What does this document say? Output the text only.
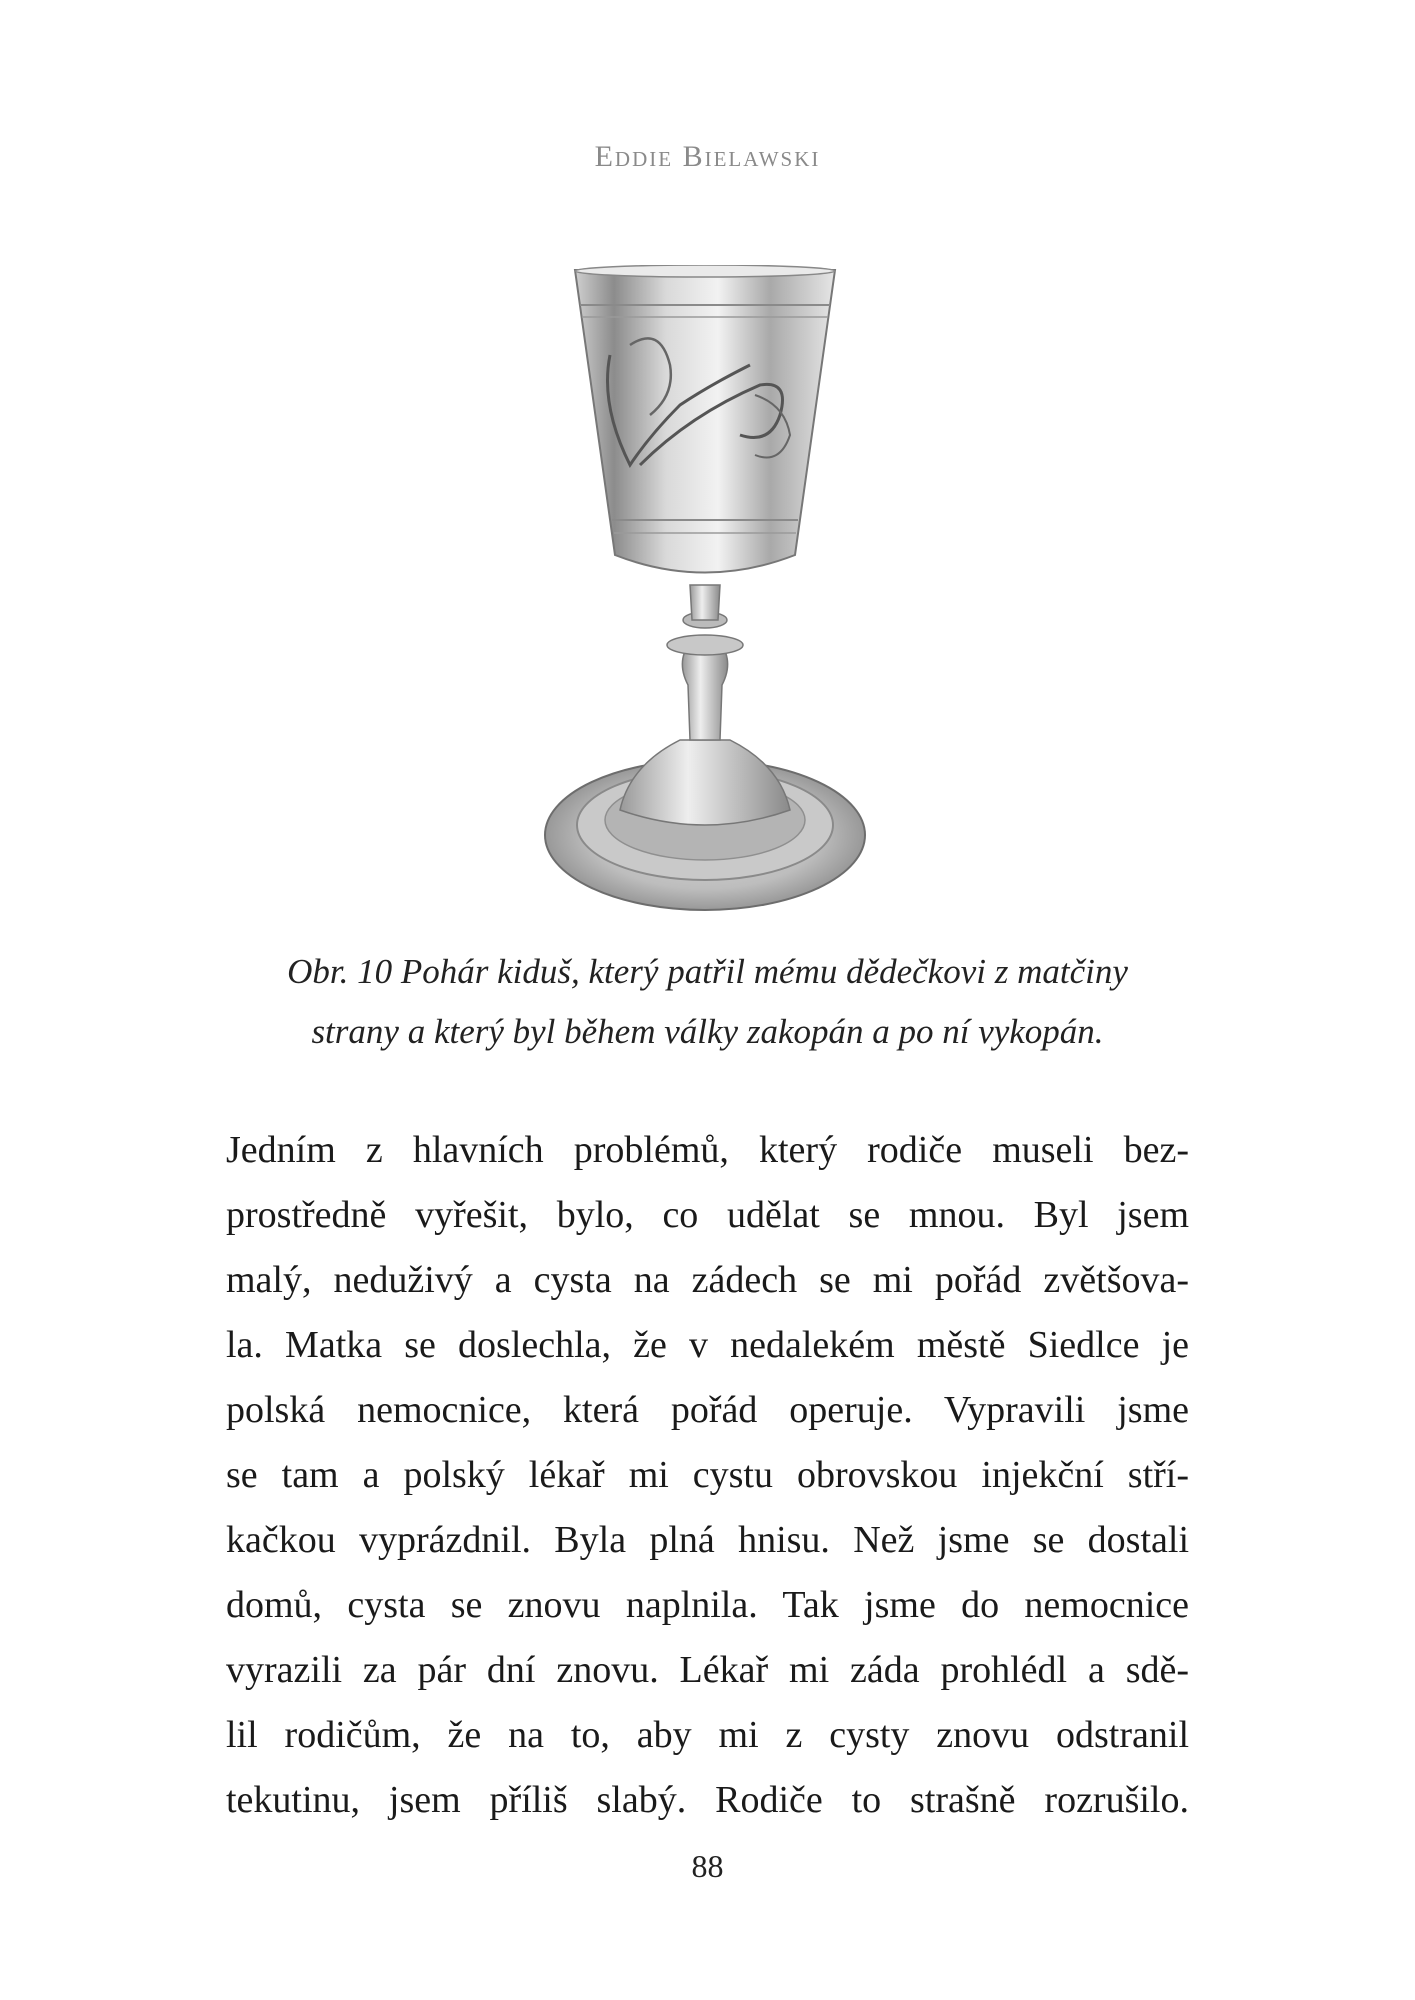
Eddie Bielawski

Obr. 10 Pohár kiduš, který patřil mému dědečkovi z matčiny

strany a který byl během války zakopán a po ní vykopán.

Jedním z hlavních problémů, který rodiče museli bez-
prostředně vyřešit, bylo, co udělat se mnou. Byl jsem
malý, neduživý a cysta na zádech se mi pořád zvětšova-
la. Matka se doslechla, že v nedalekém městě Siedlce je
polská nemocnice, která pořád operuje. Vypravili jsme
se tam a polský lékař mi cystu obrovskou injekční stří-
kačkou vyprázdnil. Byla plná hnisu. Než jsme se dostali
domů, cysta se znovu naplnila. Tak jsme do nemocnice
vyrazili za pár dní znovu. Lékař mi záda prohlédl a sdě-
lil rodičům, že na to, aby mi z cysty znovu odstranil
tekutinu, jsem příliš slabý. Rodiče to strašně rozrušilo.
88
